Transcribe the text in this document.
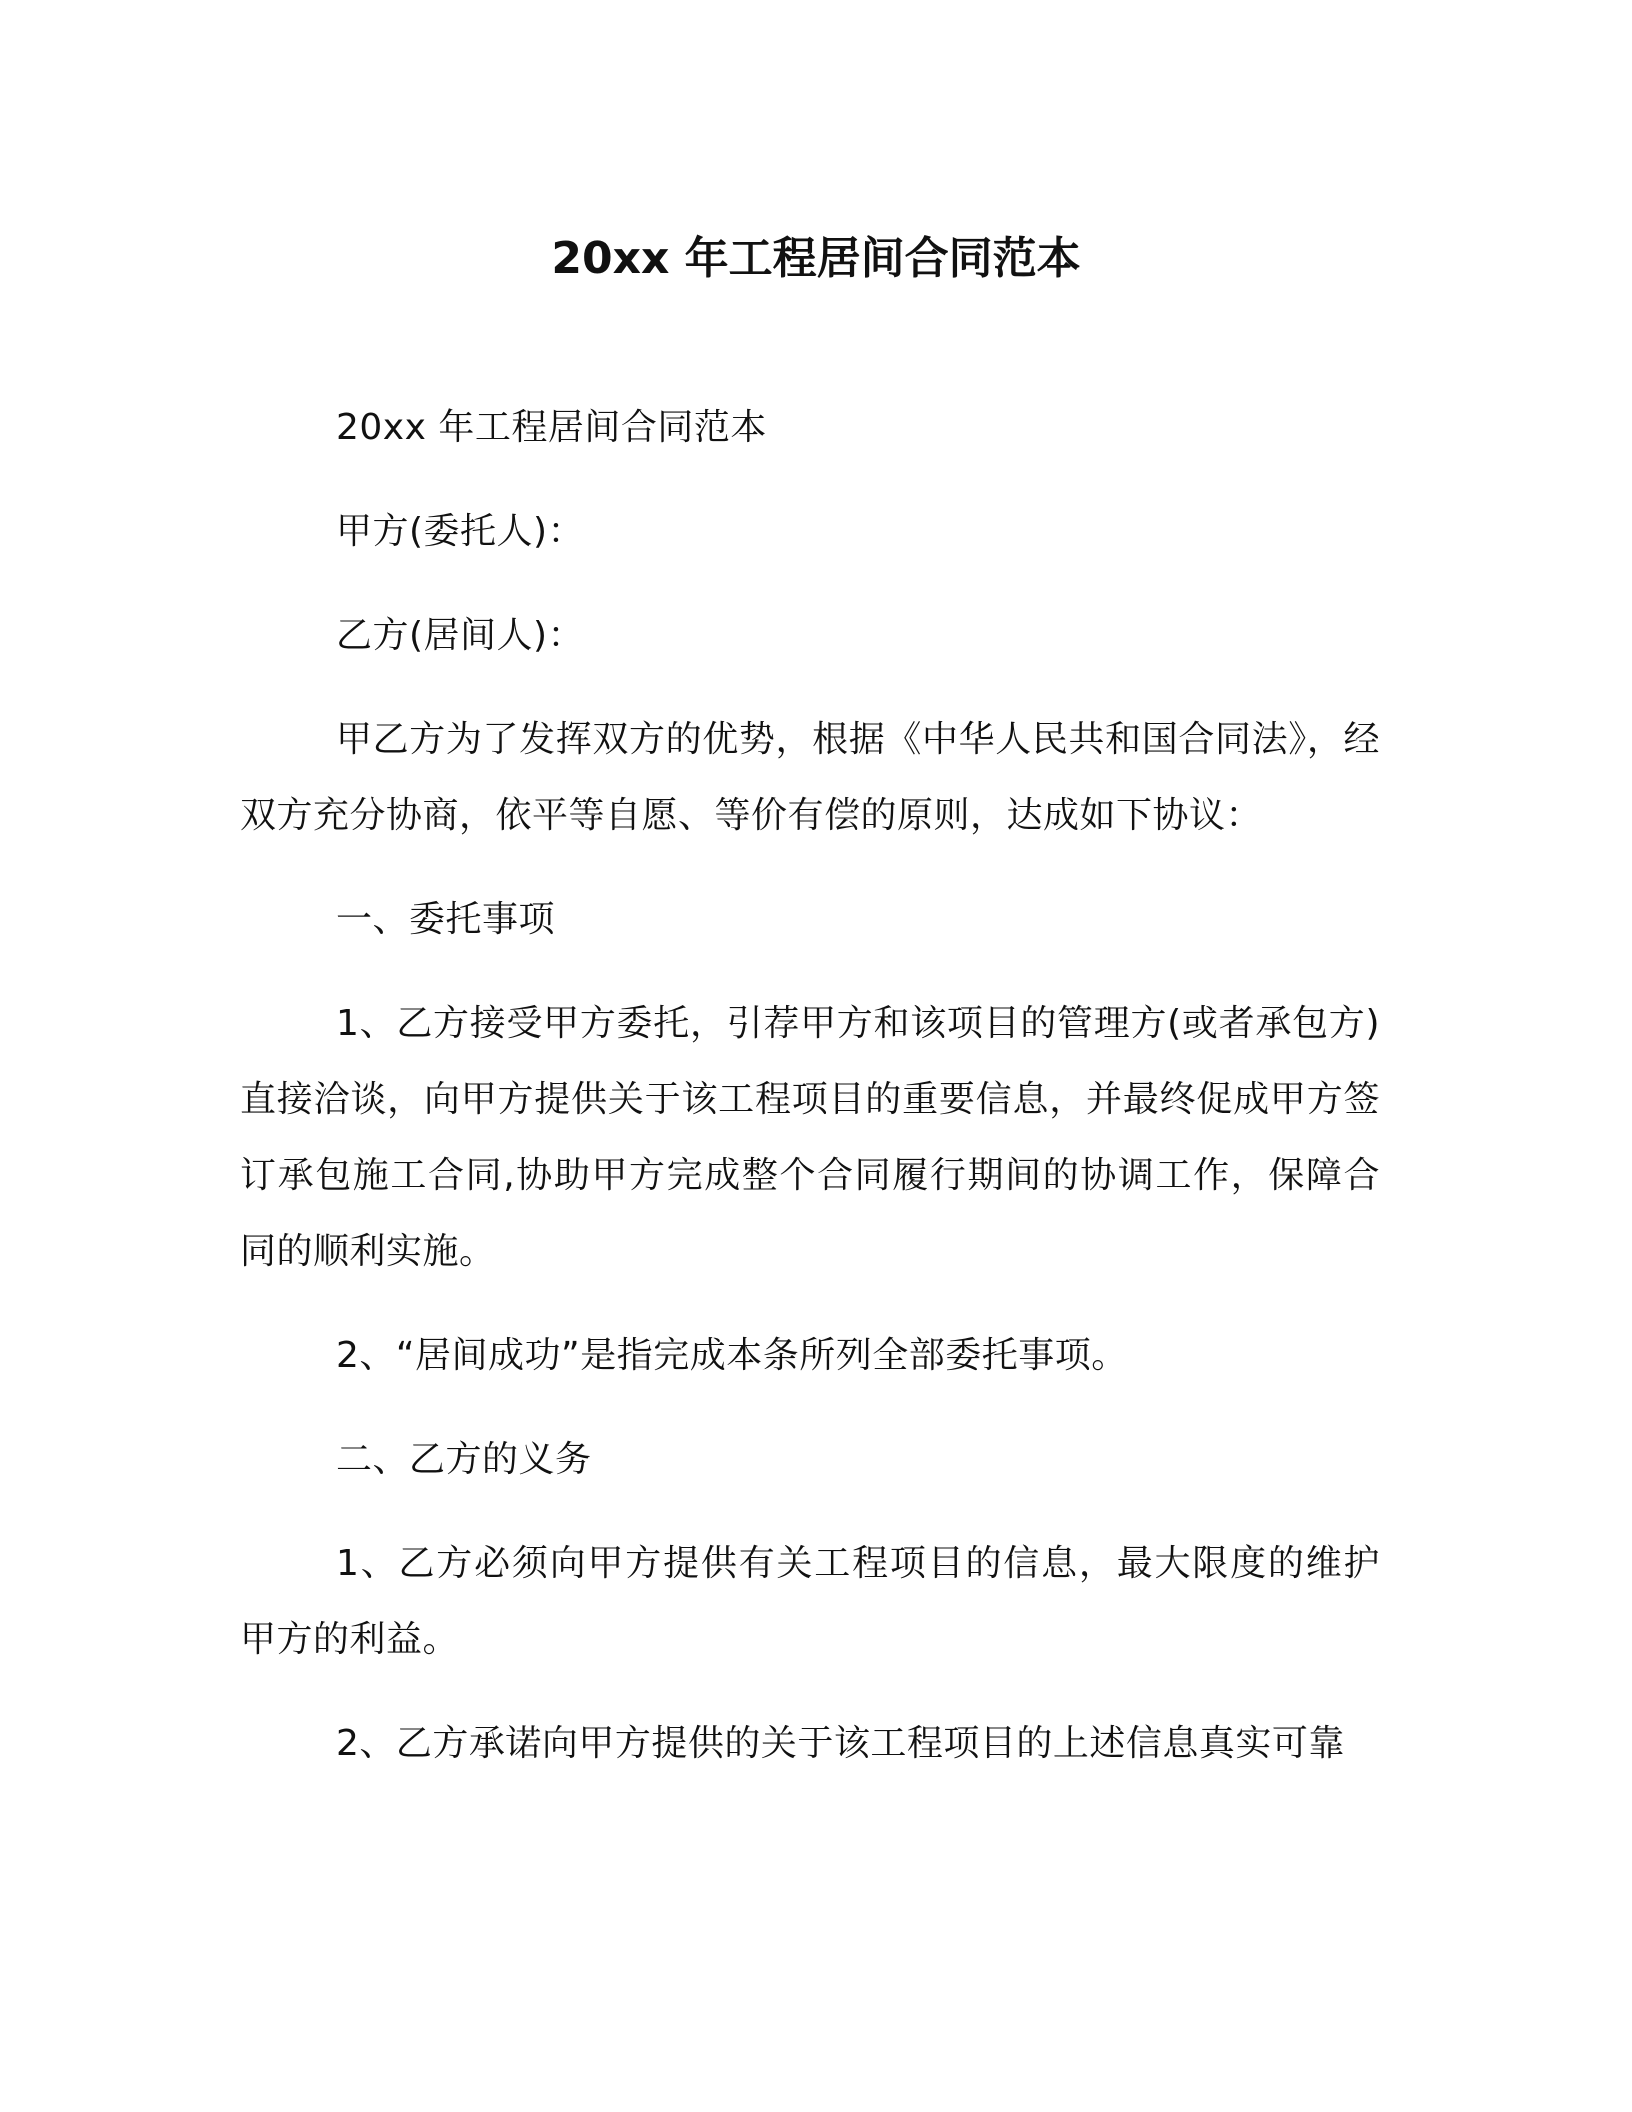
20xx 年工程居间合同范本

20xx 年工程居间合同范本

甲方(委托人)：

乙方(居间人)：

甲乙方为了发挥双方的优势，根据《中华人民共和国合同法》，经双方充分协商，依平等自愿、等价有偿的原则，达成如下协议：

一、委托事项

1、乙方接受甲方委托，引荐甲方和该项目的管理方(或者承包方)直接洽谈，向甲方提供关于该工程项目的重要信息，并最终促成甲方签订承包施工合同,协助甲方完成整个合同履行期间的协调工作，保障合同的顺利实施。

2、“居间成功”是指完成本条所列全部委托事项。

二、乙方的义务

1、乙方必须向甲方提供有关工程项目的信息，最大限度的维护甲方的利益。

2、乙方承诺向甲方提供的关于该工程项目的上述信息真实可靠
